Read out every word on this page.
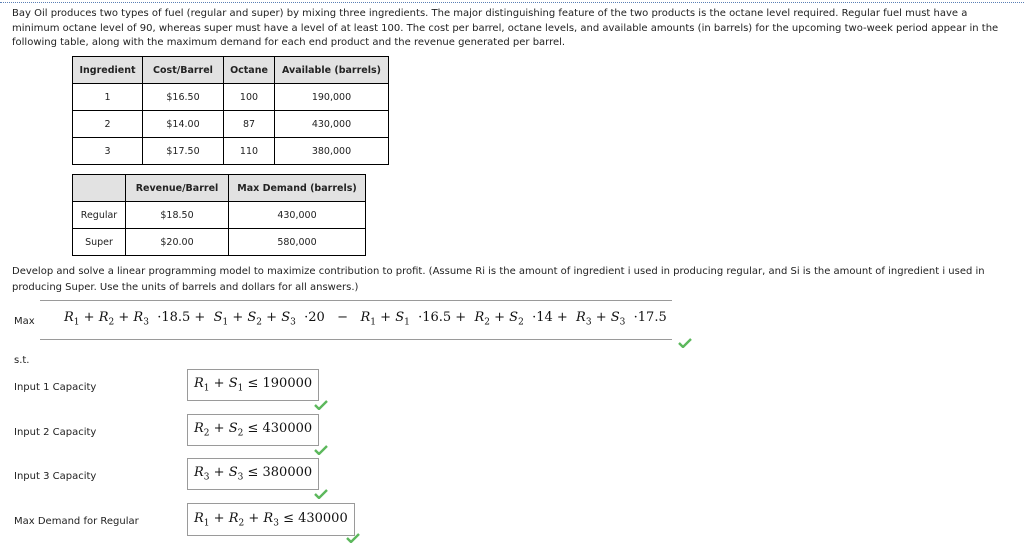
Bay Oil produces two types of fuel (regular and super) by mixing three ingredients. The major distinguishing feature of the two products is the octane level required. Regular fuel must have a minimum octane level of 90, whereas super must have a level of at least 100. The cost per barrel, octane levels, and available amounts (in barrels) for the upcoming two-week period appear in the following table, along with the maximum demand for each end product and the revenue generated per barrel.
Ingredient	Cost/Barrel	Octane	Available (barrels)
1	$16.50	100	190,000
2	$14.00	87	430,000
3	$17.50	110	380,000
	Revenue/Barrel	Max Demand (barrels)
Regular	$18.50	430,000
Super	$20.00	580,000
Develop and solve a linear programming model to maximize contribution to profit. (Assume Ri is the amount of ingredient i used in producing regular, and Si is the amount of ingredient i used in producing Super. Use the units of barrels and dollars for all answers.)
Max $R_1 + R_2 + R_3 \cdot 18.5 + S_1 + S_2 + S_3 \cdot 20 - R_1 + S_1 \cdot 16.5 + R_2 + S_2 \cdot 14 + R_3 + S_3 \cdot 17.5$
s.t.
Input 1 Capacity	$R_1 + S_1 \le 190000$
Input 2 Capacity	$R_2 + S_2 \le 430000$
Input 3 Capacity	$R_3 + S_3 \le 380000$
Max Demand for Regular	$R_1 + R_2 + R_3 \le 430000$
